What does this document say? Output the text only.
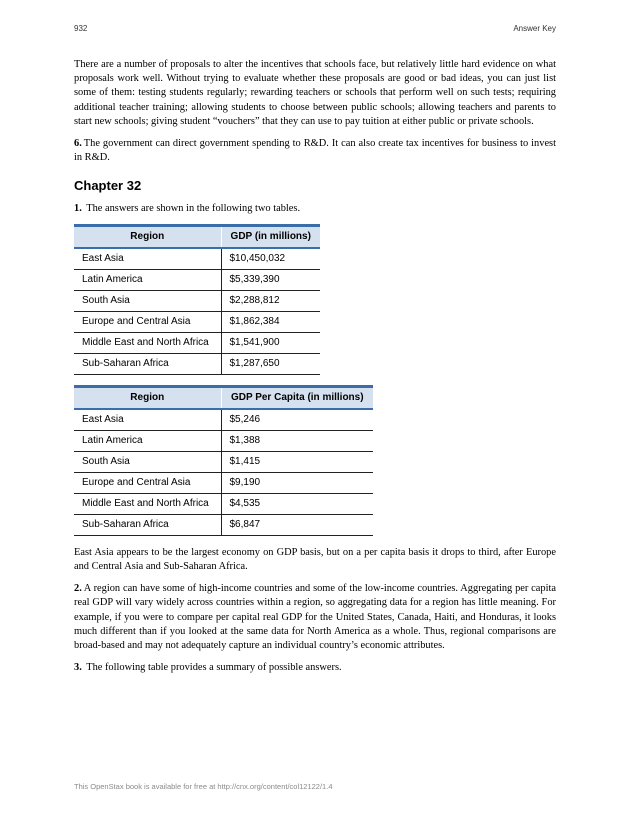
932	Answer Key

There are a number of proposals to alter the incentives that schools face, but relatively little hard evidence on what proposals work well. Without trying to evaluate whether these proposals are good or bad ideas, you can just list some of them: testing students regularly; rewarding teachers or schools that perform well on such tests; requiring additional teacher training; allowing students to choose between public schools; allowing teachers and parents to start new schools; giving student “vouchers” that they can use to pay tuition at either public or private schools.

6. The government can direct government spending to R&D. It can also create tax incentives for business to invest in R&D.

Chapter 32

1. The answers are shown in the following two tables.

Region	GDP (in millions)
East Asia	$10,450,032
Latin America	$5,339,390
South Asia	$2,288,812
Europe and Central Asia	$1,862,384
Middle East and North Africa	$1,541,900
Sub-Saharan Africa	$1,287,650
Region	GDP Per Capita (in millions)
East Asia	$5,246
Latin America	$1,388
South Asia	$1,415
Europe and Central Asia	$9,190
Middle East and North Africa	$4,535
Sub-Saharan Africa	$6,847

East Asia appears to be the largest economy on GDP basis, but on a per capita basis it drops to third, after Europe and Central Asia and Sub-Saharan Africa.

2. A region can have some of high-income countries and some of the low-income countries. Aggregating per capita real GDP will vary widely across countries within a region, so aggregating data for a region has little meaning. For example, if you were to compare per capital real GDP for the United States, Canada, Haiti, and Honduras, it looks much different than if you looked at the same data for North America as a whole. Thus, regional comparisons are broad-based and may not adequately capture an individual country’s economic attributes.

3. The following table provides a summary of possible answers.

This OpenStax book is available for free at http://cnx.org/content/col12122/1.4
